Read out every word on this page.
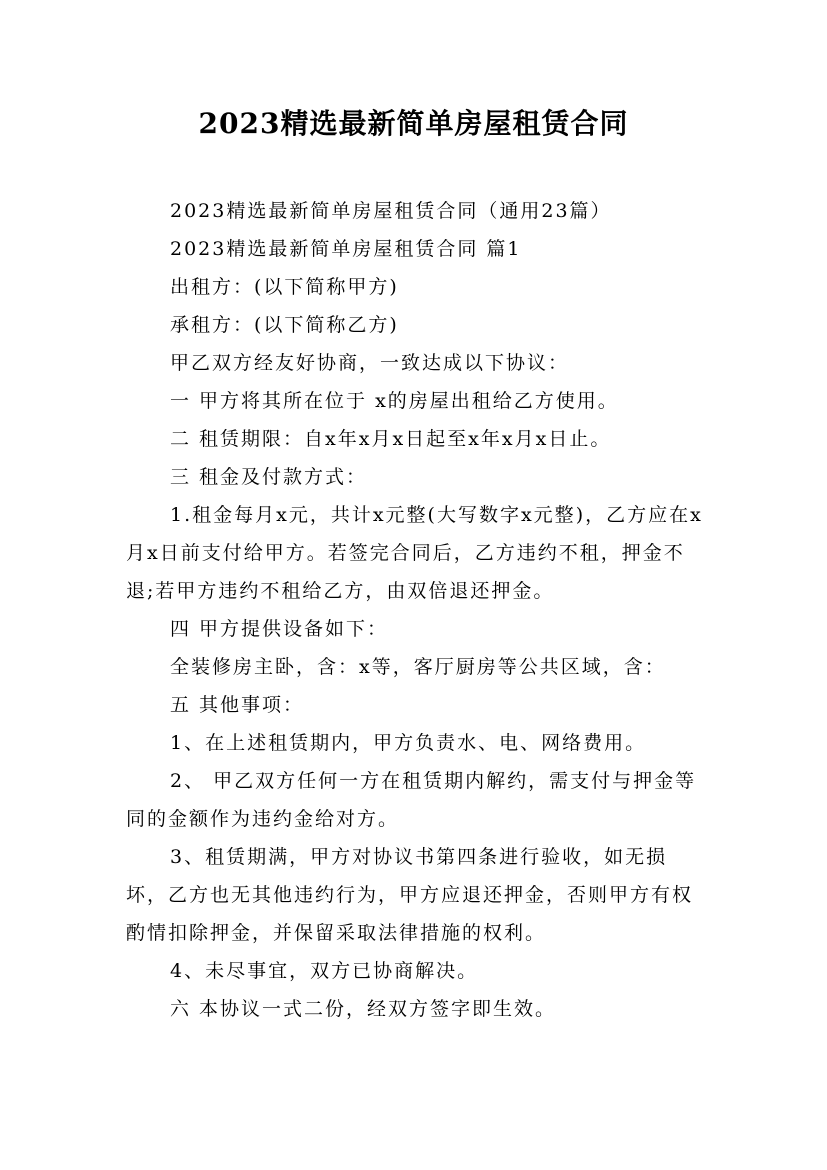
2023精选最新简单房屋租赁合同

2023精选最新简单房屋租赁合同（通用23篇）

2023精选最新简单房屋租赁合同 篇1

出租方：(以下简称甲方)

承租方：(以下简称乙方)

甲乙双方经友好协商，一致达成以下协议：

一 甲方将其所在位于 x的房屋出租给乙方使用。

二 租赁期限：自x年x月x日起至x年x月x日止。

三 租金及付款方式：

1.租金每月x元，共计x元整(大写数字x元整)，乙方应在x月x日前支付给甲方。若签完合同后，乙方违约不租，押金不退;若甲方违约不租给乙方，由双倍退还押金。

四 甲方提供设备如下：

全装修房主卧，含：x等，客厅厨房等公共区域，含：

五 其他事项：

1、在上述租赁期内，甲方负责水、电、网络费用。

2、 甲乙双方任何一方在租赁期内解约，需支付与押金等同的金额作为违约金给对方。

3、租赁期满，甲方对协议书第四条进行验收，如无损坏，乙方也无其他违约行为，甲方应退还押金，否则甲方有权酌情扣除押金，并保留采取法律措施的权利。

4、未尽事宜，双方已协商解决。

六 本协议一式二份，经双方签字即生效。
